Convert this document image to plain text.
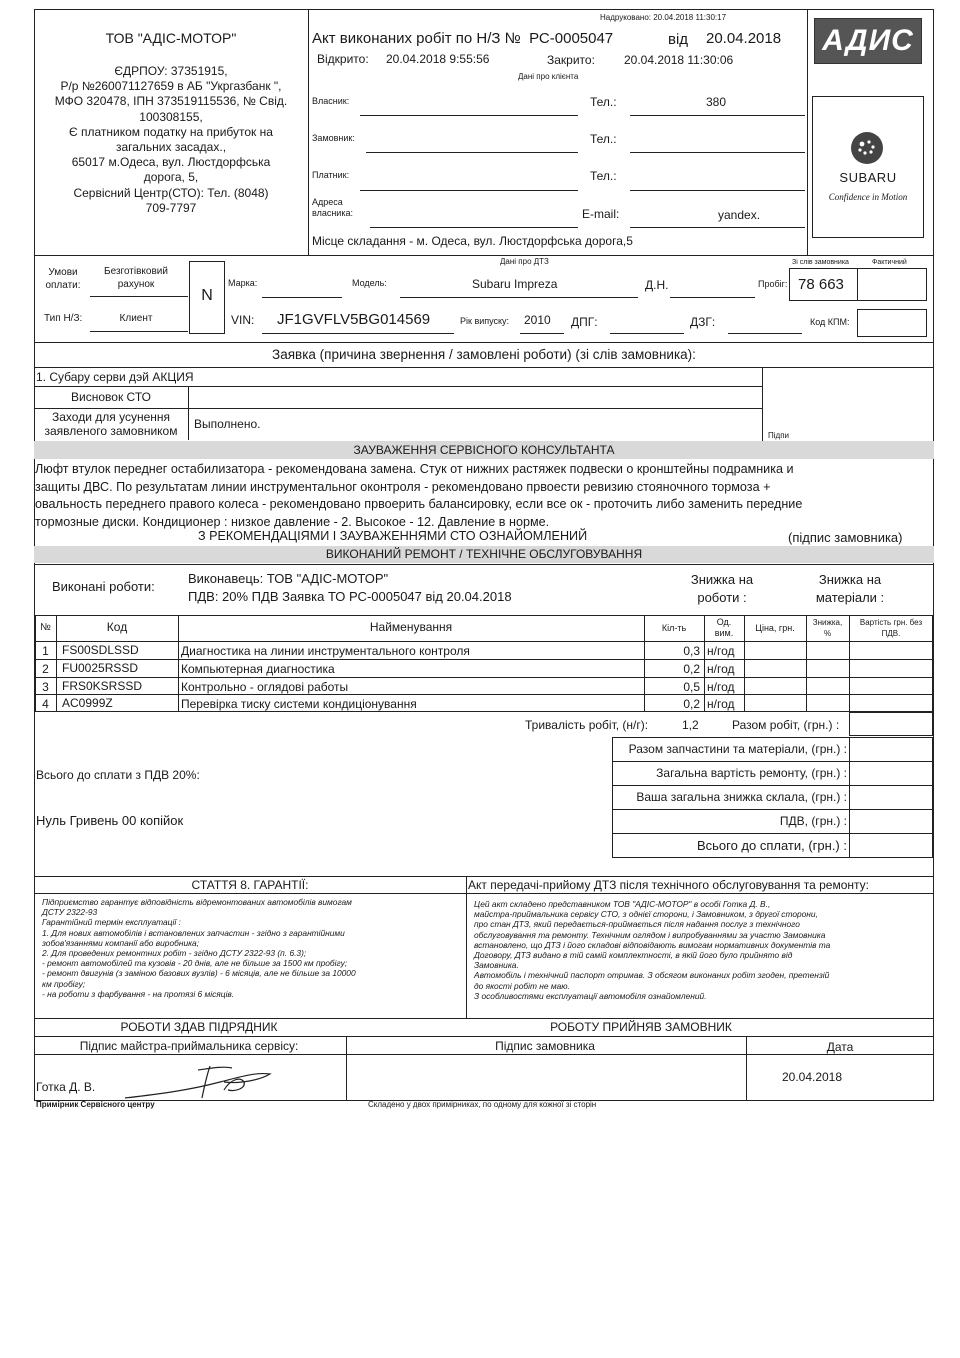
ТОВ "АДІС-МОТОР"
ЄДРПОУ: 37351915,
Р/р №260071127659 в АБ "Укргазбанк ",
МФО 320478, ІПН 373519115536, № Свід.
100308155,
Є платником податку на прибуток на
загальних засадах.,
65017 м.Одеса, вул. Люстдорфська
дорога, 5,
Сервісний Центр(СТО): Тел. (8048)
709-7797
Надруковано: 20.04.2018 11:30:17
Акт виконаних робіт по Н/З № РС-0005047	від 20.04.2018
Відкрито: 20.04.2018 9:55:56	Закрито: 20.04.2018 11:30:06
Дані про клієнта
АДИС
SUBARU
Confidence in Motion
Власник:	Тел.:	380
Замовник:	Тел.:
Платник:	Тел.:
Адреса власника:	E-mail:	yandex.
Місце складання - м. Одеса, вул. Люстдорфська дорога,5
Дані про ДТЗ
Умови оплати:
Безготівковий рахунок
Тип Н/З:	Клиент
N
Марка:	Модель:	Subaru Impreza	Д.Н.	Пробіг:
Зі слів замовника	Фактичний
78 663
VIN: JF1GVFLV5BG014569	Рік випуску: 2010 ДПГ:	ДЗГ:	Код КПМ:
Заявка (причина звернення / замовлені роботи) (зі слів замовника):
1. Субару серви дэй АКЦИЯ
Висновок СТО
Заходи для усунення
заявленого замовником	Выполнено.
Підпи
ЗАУВАЖЕННЯ СЕРВІСНОГО КОНСУЛЬТАНТА
Люфт втулок переднег остабилизатора - рекомендована замена. Стук от нижних растяжек подвески о кронштейны подрамника и
защиты ДВС. По результатам линии инструментальног оконтроля - рекомендовано првоести ревизию стояночного тормоза +
овальность переднего правого колеса - рекомендовано првоерить балансировку, если все ок - проточить либо заменить передние
тормозные диски. Кондиционер : низкое давление - 2. Высокое - 12. Давление в норме.
З РЕКОМЕНДАЦІЯМИ І ЗАУВАЖЕННЯМИ СТО ОЗНАЙОМЛЕНИЙ	(підпис замовника)
ВИКОНАНИЙ РЕМОНТ / ТЕХНІЧНЕ ОБСЛУГОВУВАННЯ
Виконані роботи:
Виконавець: ТОВ "АДІС-МОТОР"
ПДВ: 20% ПДВ Заявка ТО РС-0005047 від 20.04.2018
Знижка на
роботи :
Знижка на
матеріали :
№	Код	Найменування	Кіл-ть
Од. вим.	Ціна, грн.
Знижка, %
Вартість грн. без ПДВ.
1	FS00SDLSSD	Диагностика на линии инструментального контроля	0,3 н/год
2	FU0025RSSD	Компьютерная диагностика	0,2 н/год
3	FRS0KSRSSD	Контрольно - оглядові работы	0,5 н/год
4	AC0999Z	Перевірка тиску системи кондиціонування	0,2 н/год
Тривалість робіт, (н/г):	1,2	Разом робіт, (грн.) :
Разом запчастини та матеріали, (грн.) :
Загальна вартість ремонту, (грн.) :
Ваша загальна знижка склала, (грн.) :
ПДВ, (грн.) :
Всього до сплати, (грн.) :
Всього до сплати з ПДВ 20%:
Нуль Гривень 00 копійок
СТАТТЯ 8. ГАРАНТІЇ:	Акт передачі-прийому ДТЗ після технічного обслуговування та ремонту:
Підприємство гарантує відповідність відремонтованих автомобілів вимогам
ДСТУ 2322-93
Гарантійний термін експлуатації :
1. Для нових автомобілів і встановлених запчастин - згідно з гарантійними
зобов'язаннями компанії або виробника;
2. Для проведених ремонтних робіт - згідно ДСТУ 2322-93 (п. 6.3);
- ремонт автомобілей та кузовів - 20 днів, але не більше за 1500 км пробігу;
- ремонт двигунів (з заміною базових вузлів) - 6 місяців, але не більше за 10000
км пробігу;
- на роботи з фарбування - на протязі 6 місяців.
Цей акт складено представником ТОВ "АДІС-МОТОР" в особі Готка Д. В.,
майстра-приймальника сервісу СТО, з однієї сторони, і Замовником, з другої сторони,
про стан ДТЗ, який передається-приймається після надання послуг з технічного
обслуговування та ремонту. Технічним оглядом і випробуваннями за участю Замовника
встановлено, що ДТЗ і його складові відповідають вимогам нормативних документів та
Договору, ДТЗ видано в тій самій комплектності, в якій його було прийнято від
Замовника.
Автомобіль і технічний паспорт отримав. З обсягом виконаних робіт згоден, претензій
до якості робіт не маю.
З особливостями експлуатації автомобіля ознайомлений.
РОБОТИ ЗДАВ ПІДРЯДНИК	РОБОТУ ПРИЙНЯВ ЗАМОВНИК
Підпис майстра-приймальника сервісу:	Підпис замовника	Дата
Готка Д. В.
20.04.2018
Примірник Сервісного центру	Складено у двох примірниках, по одному для кожної зі сторін
